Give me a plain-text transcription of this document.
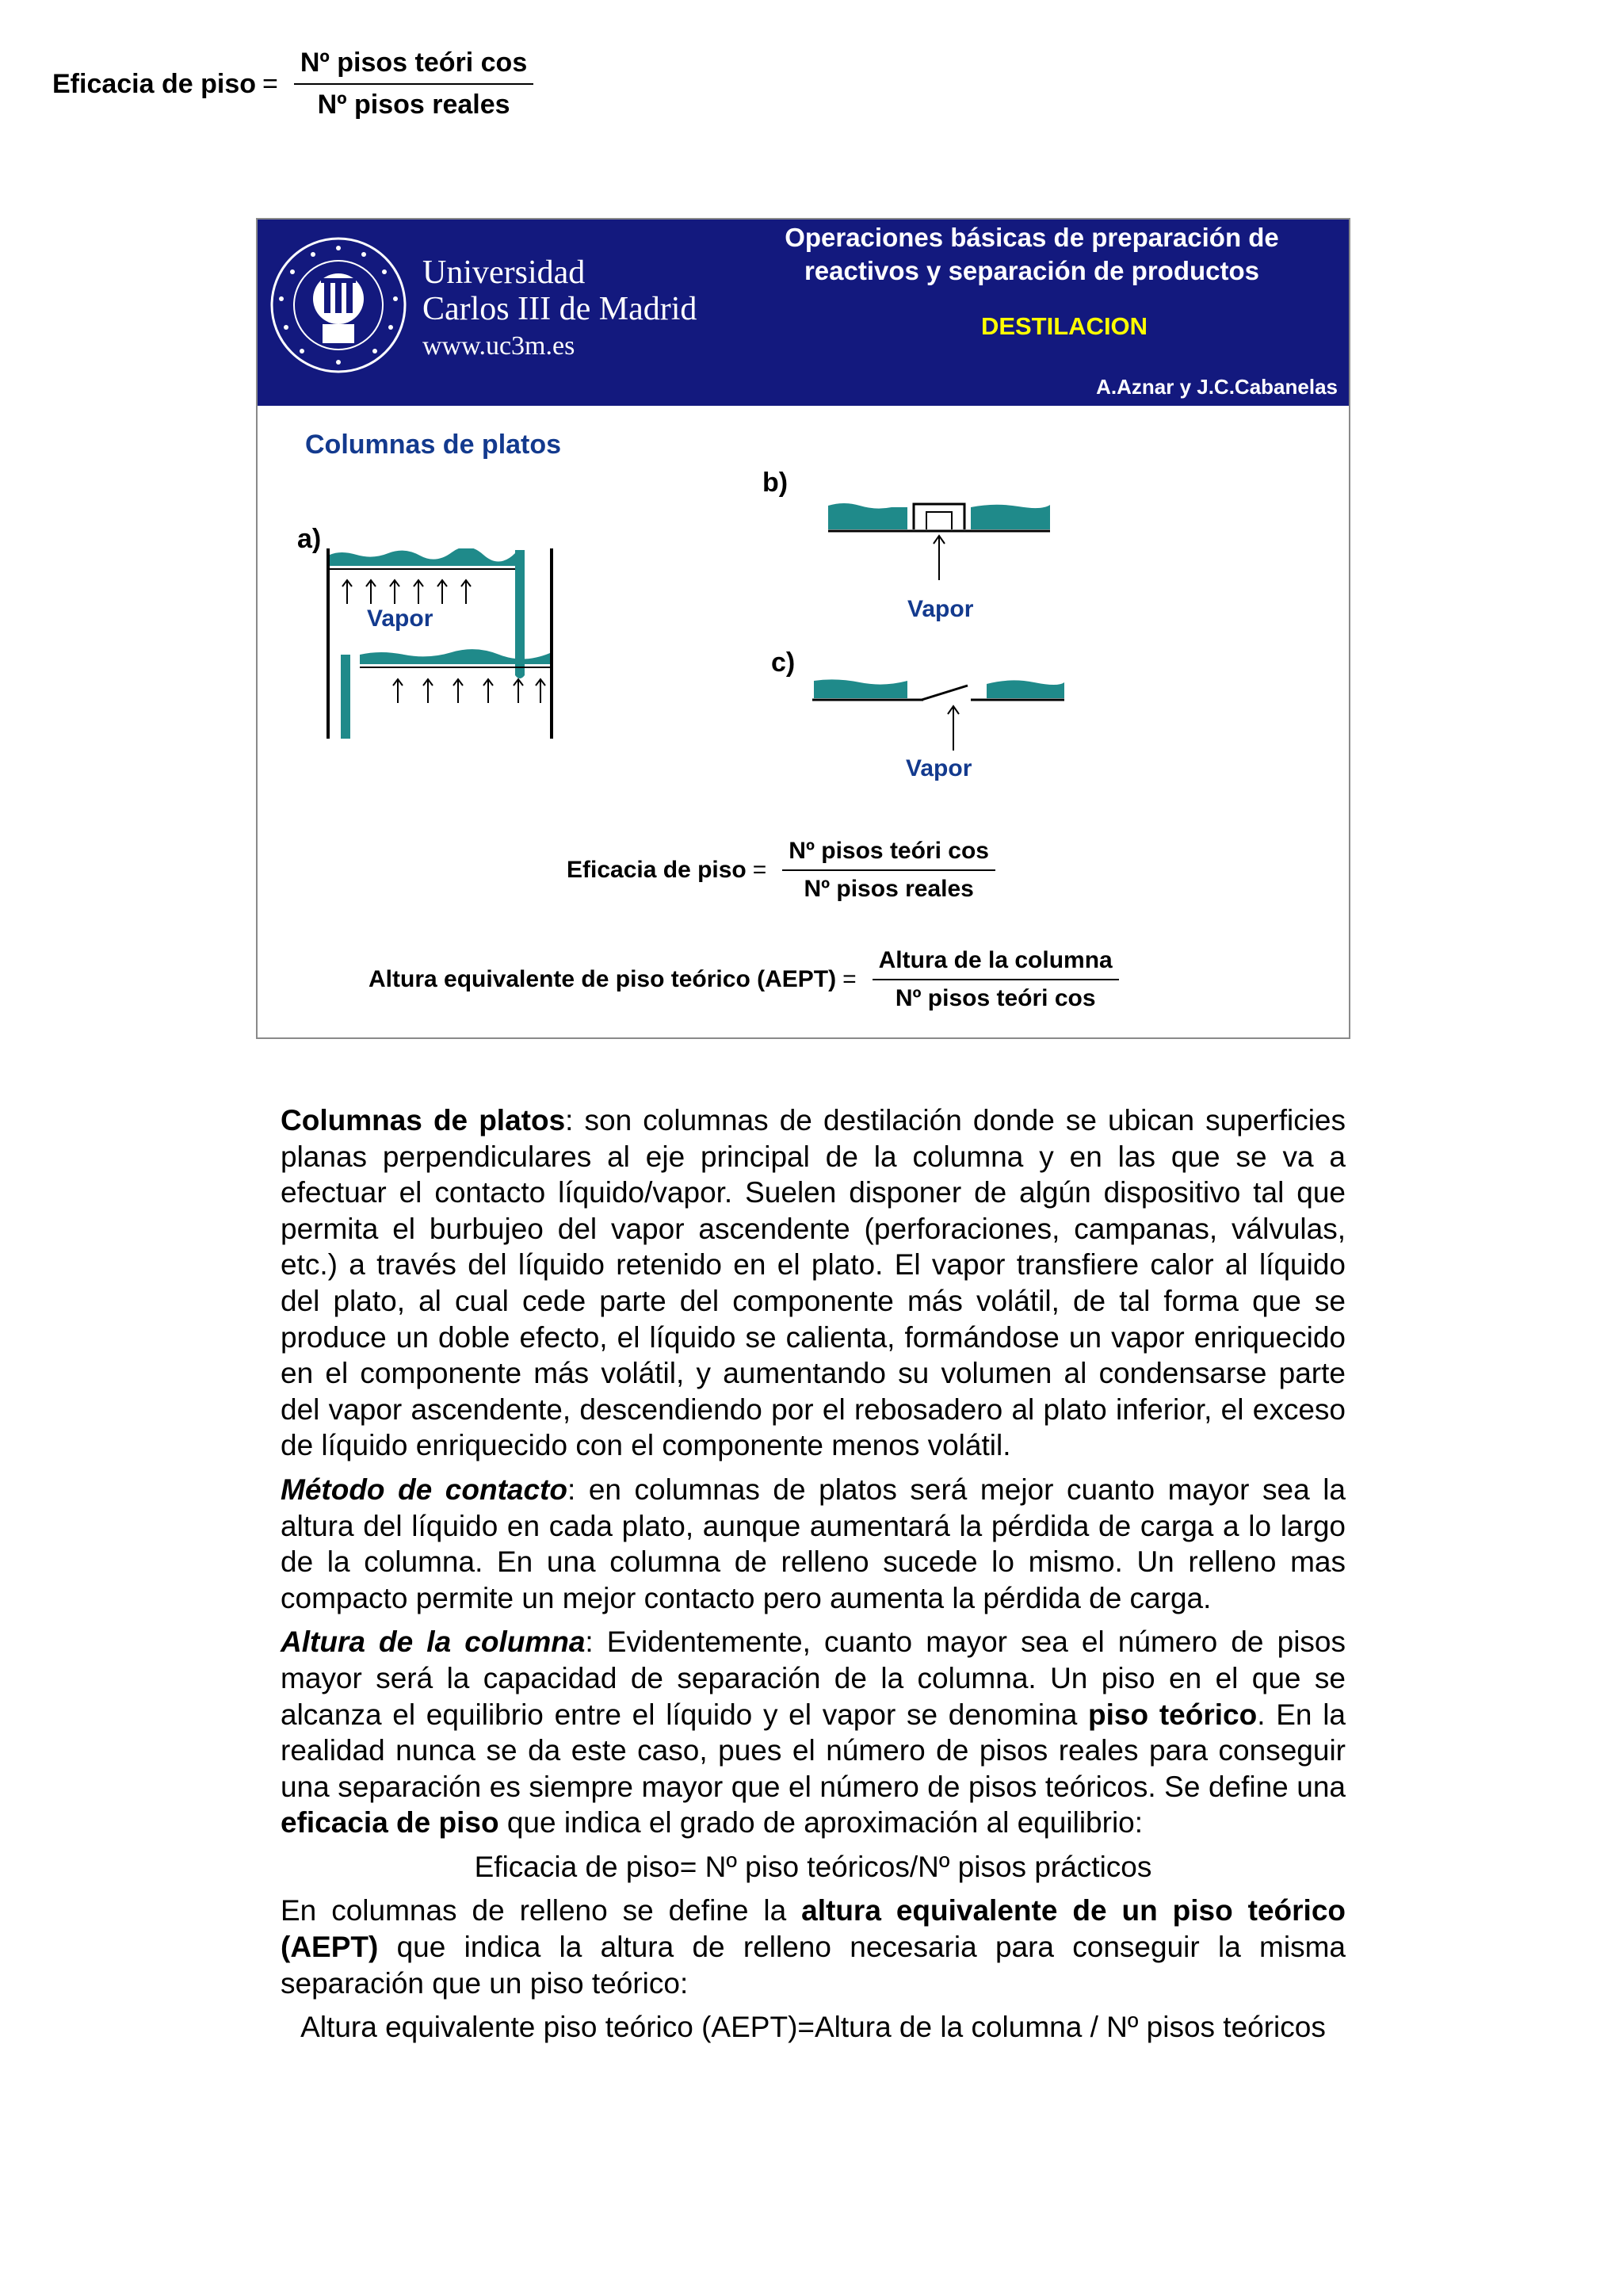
Eficacia de piso = $\frac{\text{Nº pisos teóri cos}}{\text{Nº pisos reales}}$
Universidad
Carlos III de Madrid
www.uc3m.es
Operaciones básicas de preparación de
reactivos y separación de productos
DESTILACION
A.Aznar y J.C.Cabanelas
Columnas de platos
a)
Vapor
b)
Vapor
c)
Vapor
Eficacia de piso = $\frac{\text{Nº pisos teóri cos}}{\text{Nº pisos reales}}$
Altura equivalente de piso teórico (AEPT) = $\frac{\text{Altura de la columna}}{\text{Nº pisos teóri cos}}$

Columnas de platos: son columnas de destilación donde se ubican superficies planas perpendiculares al eje principal de la columna y en las que se va a efectuar el contacto líquido/vapor. Suelen disponer de algún dispositivo tal que permita el burbujeo del vapor ascendente (perforaciones, campanas, válvulas, etc.) a través del líquido retenido en el plato. El vapor transfiere calor al líquido del plato, al cual cede parte del componente más volátil, de tal forma que se produce un doble efecto, el líquido se calienta, formándose un vapor enriquecido en el componente más volátil, y aumentando su volumen al condensarse parte del vapor ascendente, descendiendo por el rebosadero al plato inferior, el exceso de líquido enriquecido con el componente menos volátil.

Método de contacto: en columnas de platos será mejor cuanto mayor sea la altura del líquido en cada plato, aunque aumentará la pérdida de carga a lo largo de la columna. En una columna de relleno sucede lo mismo. Un relleno mas compacto permite un mejor contacto pero aumenta la pérdida de carga.

Altura de la columna: Evidentemente, cuanto mayor sea el número de pisos mayor será la capacidad de separación de la columna. Un piso en el que se alcanza el equilibrio entre el líquido y el vapor se denomina piso teórico. En la realidad nunca se da este caso, pues el número de pisos reales para conseguir una separación es siempre mayor que el número de pisos teóricos. Se define una eficacia de piso que indica el grado de aproximación al equilibrio:

Eficacia de piso= Nº piso teóricos/Nº pisos prácticos

En columnas de relleno se define la altura equivalente de un piso teórico (AEPT) que indica la altura de relleno necesaria para conseguir la misma separación que un piso teórico:

Altura equivalente piso teórico (AEPT)=Altura de la columna / Nº pisos teóricos
